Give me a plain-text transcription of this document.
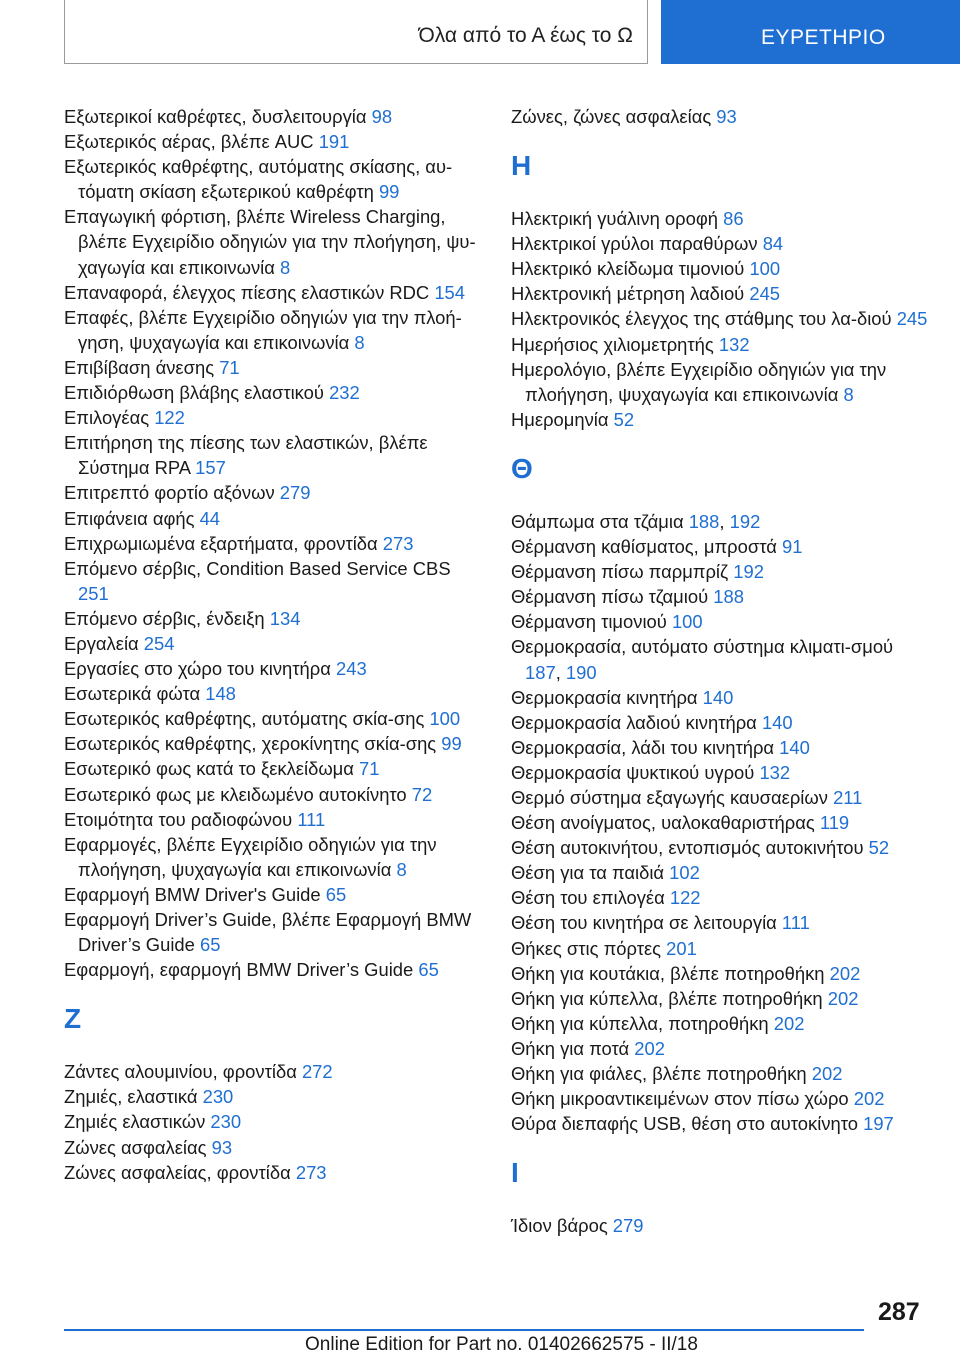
Όλα από το Α έως το Ω	ΕΥΡΕΤΗΡΙΟ
Εξωτερικοί καθρέφτες, δυσλειτουργία 98
Εξωτερικός αέρας, βλέπε AUC 191
Εξωτερικός καθρέφτης, αυτόματης σκίασης, αυ-τόματη σκίαση εξωτερικού καθρέφτη 99
Επαγωγική φόρτιση, βλέπε Wireless Charging, βλέπε Εγχειρίδιο οδηγιών για την πλοήγηση, ψυ-χαγωγία και επικοινωνία 8
Επαναφορά, έλεγχος πίεσης ελαστικών RDC 154
Επαφές, βλέπε Εγχειρίδιο οδηγιών για την πλοή-γηση, ψυχαγωγία και επικοινωνία 8
Επιβίβαση άνεσης 71
Επιδιόρθωση βλάβης ελαστικού 232
Επιλογέας 122
Επιτήρηση της πίεσης των ελαστικών, βλέπε Σύστημα RPA 157
Επιτρεπτό φορτίο αξόνων 279
Επιφάνεια αφής 44
Επιχρωμιωμένα εξαρτήματα, φροντίδα 273
Επόμενο σέρβις, Condition Based Service CBS 251
Επόμενο σέρβις, ένδειξη 134
Εργαλεία 254
Εργασίες στο χώρο του κινητήρα 243
Εσωτερικά φώτα 148
Εσωτερικός καθρέφτης, αυτόματης σκία-σης 100
Εσωτερικός καθρέφτης, χεροκίνητης σκία-σης 99
Εσωτερικό φως κατά το ξεκλείδωμα 71
Εσωτερικό φως με κλειδωμένο αυτοκίνητο 72
Ετοιμότητα του ραδιοφώνου 111
Εφαρμογές, βλέπε Εγχειρίδιο οδηγιών για την πλοήγηση, ψυχαγωγία και επικοινωνία 8
Εφαρμογή BMW Driver's Guide 65
Εφαρμογή Driver’s Guide, βλέπε Εφαρμογή BMW Driver’s Guide 65
Εφαρμογή, εφαρμογή BMW Driver’s Guide 65
Z
Ζάντες αλουμινίου, φροντίδα 272
Ζημιές, ελαστικά 230
Ζημιές ελαστικών 230
Ζώνες ασφαλείας 93
Ζώνες ασφαλείας, φροντίδα 273
Ζώνες, ζώνες ασφαλείας 93
H
Ηλεκτρική γυάλινη οροφή 86
Ηλεκτρικοί γρύλοι παραθύρων 84
Ηλεκτρικό κλείδωμα τιμονιού 100
Ηλεκτρονική μέτρηση λαδιού 245
Ηλεκτρονικός έλεγχος της στάθμης του λα-διού 245
Ημερήσιος χιλιομετρητής 132
Ημερολόγιο, βλέπε Εγχειρίδιο οδηγιών για την πλοήγηση, ψυχαγωγία και επικοινωνία 8
Ημερομηνία 52
Θ
Θάμπωμα στα τζάμια 188, 192
Θέρμανση καθίσματος, μπροστά 91
Θέρμανση πίσω παρμπρίζ 192
Θέρμανση πίσω τζαμιού 188
Θέρμανση τιμονιού 100
Θερμοκρασία, αυτόματο σύστημα κλιματι-σμού 187, 190
Θερμοκρασία κινητήρα 140
Θερμοκρασία λαδιού κινητήρα 140
Θερμοκρασία, λάδι του κινητήρα 140
Θερμοκρασία ψυκτικού υγρού 132
Θερμό σύστημα εξαγωγής καυσαερίων 211
Θέση ανοίγματος, υαλοκαθαριστήρας 119
Θέση αυτοκινήτου, εντοπισμός αυτοκινήτου 52
Θέση για τα παιδιά 102
Θέση του επιλογέα 122
Θέση του κινητήρα σε λειτουργία 111
Θήκες στις πόρτες 201
Θήκη για κουτάκια, βλέπε ποτηροθήκη 202
Θήκη για κύπελλα, βλέπε ποτηροθήκη 202
Θήκη για κύπελλα, ποτηροθήκη 202
Θήκη για ποτά 202
Θήκη για φιάλες, βλέπε ποτηροθήκη 202
Θήκη μικροαντικειμένων στον πίσω χώρο 202
Θύρα διεπαφής USB, θέση στο αυτοκίνητο 197
I
Ίδιον βάρος 279
287
Online Edition for Part no. 01402662575 - II/18
